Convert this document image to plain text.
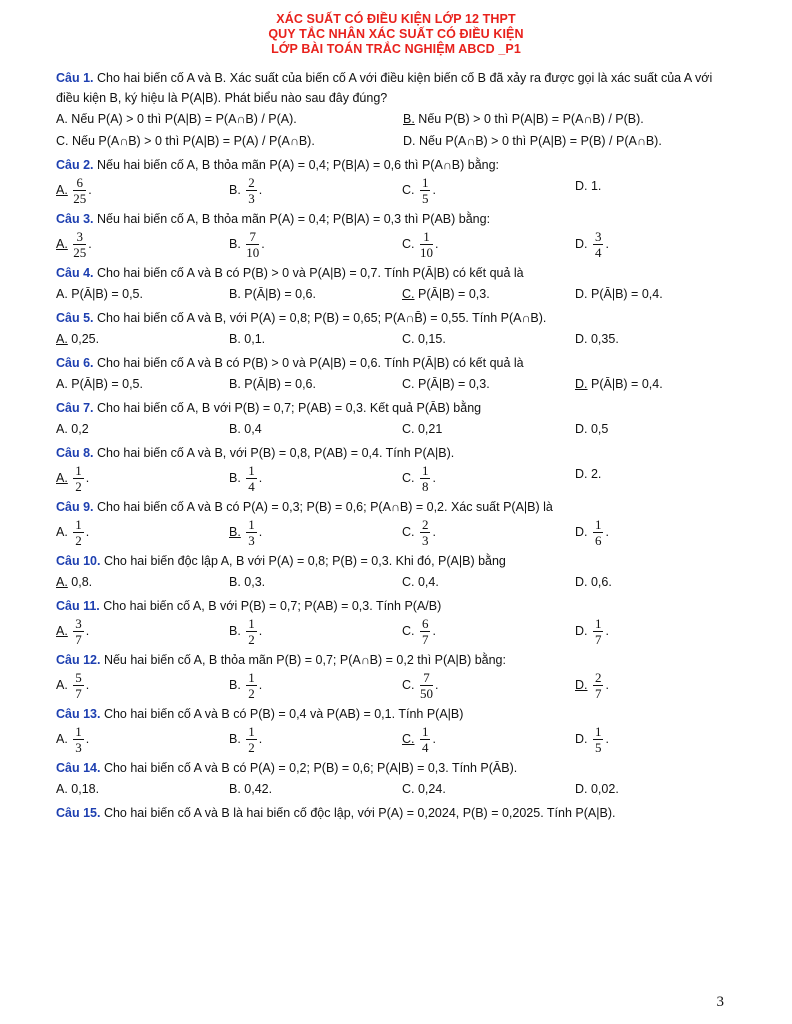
XÁC SUẤT CÓ ĐIỀU KIỆN LỚP 12 THPT
QUY TẮC NHÂN XÁC SUẤT CÓ ĐIỀU KIỆN
LỚP BÀI TOÁN TRẮC NGHIỆM ABCD _P1
Câu 1. Cho hai biến cố A và B. Xác suất của biến cố A với điều kiện biến cố B đã xảy ra được gọi là xác suất của A với điều kiện B, ký hiệu là P(A|B). Phát biểu nào sau đây đúng?
A. Nếu P(A) > 0 thì P(A|B) = P(A∩B) / P(A).	B. Nếu P(B) > 0 thì P(A|B) = P(A∩B) / P(B).
C. Nếu P(A∩B) > 0 thì P(A|B) = P(A) / P(A∩B).	D. Nếu P(A∩B) > 0 thì P(A|B) = P(B) / P(A∩B).
Câu 2. Nếu hai biến cố A, B thỏa mãn P(A) = 0,4; P(B|A) = 0,6 thì P(A∩B) bằng:
A. $\frac{6}{25}$ .	B. $\frac{2}{3}$ .	C. $\frac{1}{5}$ .	D. 1.
Câu 3. Nếu hai biến cố A, B thỏa mãn P(A) = 0,4; P(B|A) = 0,3 thì P(AB) bằng:
A. $\frac{3}{25}$ .	B. $\frac{7}{10}$ .	C. $\frac{1}{10}$ .	D. $\frac{3}{4}$ .
Câu 4. Cho hai biến cố A và B có P(B) > 0 và P(A|B) = 0,7. Tính P(Ā|B) có kết quả là
A. P(Ā|B) = 0,5.	B. P(Ā|B) = 0,6.	C. P(Ā|B) = 0,3.	D. P(Ā|B) = 0,4.
Câu 5. Cho hai biến cố A và B, với P(A) = 0,8; P(B) = 0,65; P(A∩B̄) = 0,55. Tính P(A∩B).
A. 0,25.	B. 0,1.	C. 0,15.	D. 0,35.
Câu 6. Cho hai biến cố A và B có P(B) > 0 và P(A|B) = 0,6. Tính P(Ā|B) có kết quả là
A. P(Ā|B) = 0,5.	B. P(Ā|B) = 0,6.	C. P(Ā|B) = 0,3.	D. P(Ā|B) = 0,4.
Câu 7. Cho hai biến cố A, B với P(B) = 0,7; P(AB) = 0,3. Kết quả P(ĀB) bằng
A. 0,2	B. 0,4	C. 0,21	D. 0,5
Câu 8. Cho hai biến cố A và B, với P(B) = 0,8, P(AB) = 0,4. Tính P(A|B).
A. $\frac{1}{2}$ .	B. $\frac{1}{4}$ .	C. $\frac{1}{8}$ .	D. 2.
Câu 9. Cho hai biến cố A và B có P(A) = 0,3; P(B) = 0,6; P(A∩B) = 0,2. Xác suất P(A|B) là
A. $\frac{1}{2}$ .	B. $\frac{1}{3}$ .	C. $\frac{2}{3}$ .	D. $\frac{1}{6}$ .
Câu 10. Cho hai biến độc lập A, B với P(A) = 0,8; P(B) = 0,3. Khi đó, P(A|B) bằng
A. 0,8.	B. 0,3.	C. 0,4.	D. 0,6.
Câu 11. Cho hai biến cố A, B với P(B) = 0,7; P(AB) = 0,3. Tính P(A/B)
A. $\frac{3}{7}$ .	B. $\frac{1}{2}$ .	C. $\frac{6}{7}$ .	D. $\frac{1}{7}$ .
Câu 12. Nếu hai biến cố A, B thỏa mãn P(B) = 0,7; P(A∩B) = 0,2 thì P(A|B) bằng:
A. $\frac{5}{7}$ .	B. $\frac{1}{2}$ .	C. $\frac{7}{50}$ .	D. $\frac{2}{7}$ .
Câu 13. Cho hai biến cố A và B có P(B) = 0,4 và P(AB) = 0,1. Tính P(A|B)
A. $\frac{1}{3}$ .	B. $\frac{1}{2}$ .	C. $\frac{1}{4}$ .	D. $\frac{1}{5}$ .
Câu 14. Cho hai biến cố A và B có P(A) = 0,2; P(B) = 0,6; P(A|B) = 0,3. Tính P(ĀB).
A. 0,18.	B. 0,42.	C. 0,24.	D. 0,02.
Câu 15. Cho hai biến cố A và B là hai biến cố độc lập, với P(A) = 0,2024, P(B) = 0,2025. Tính P(A|B).
3
